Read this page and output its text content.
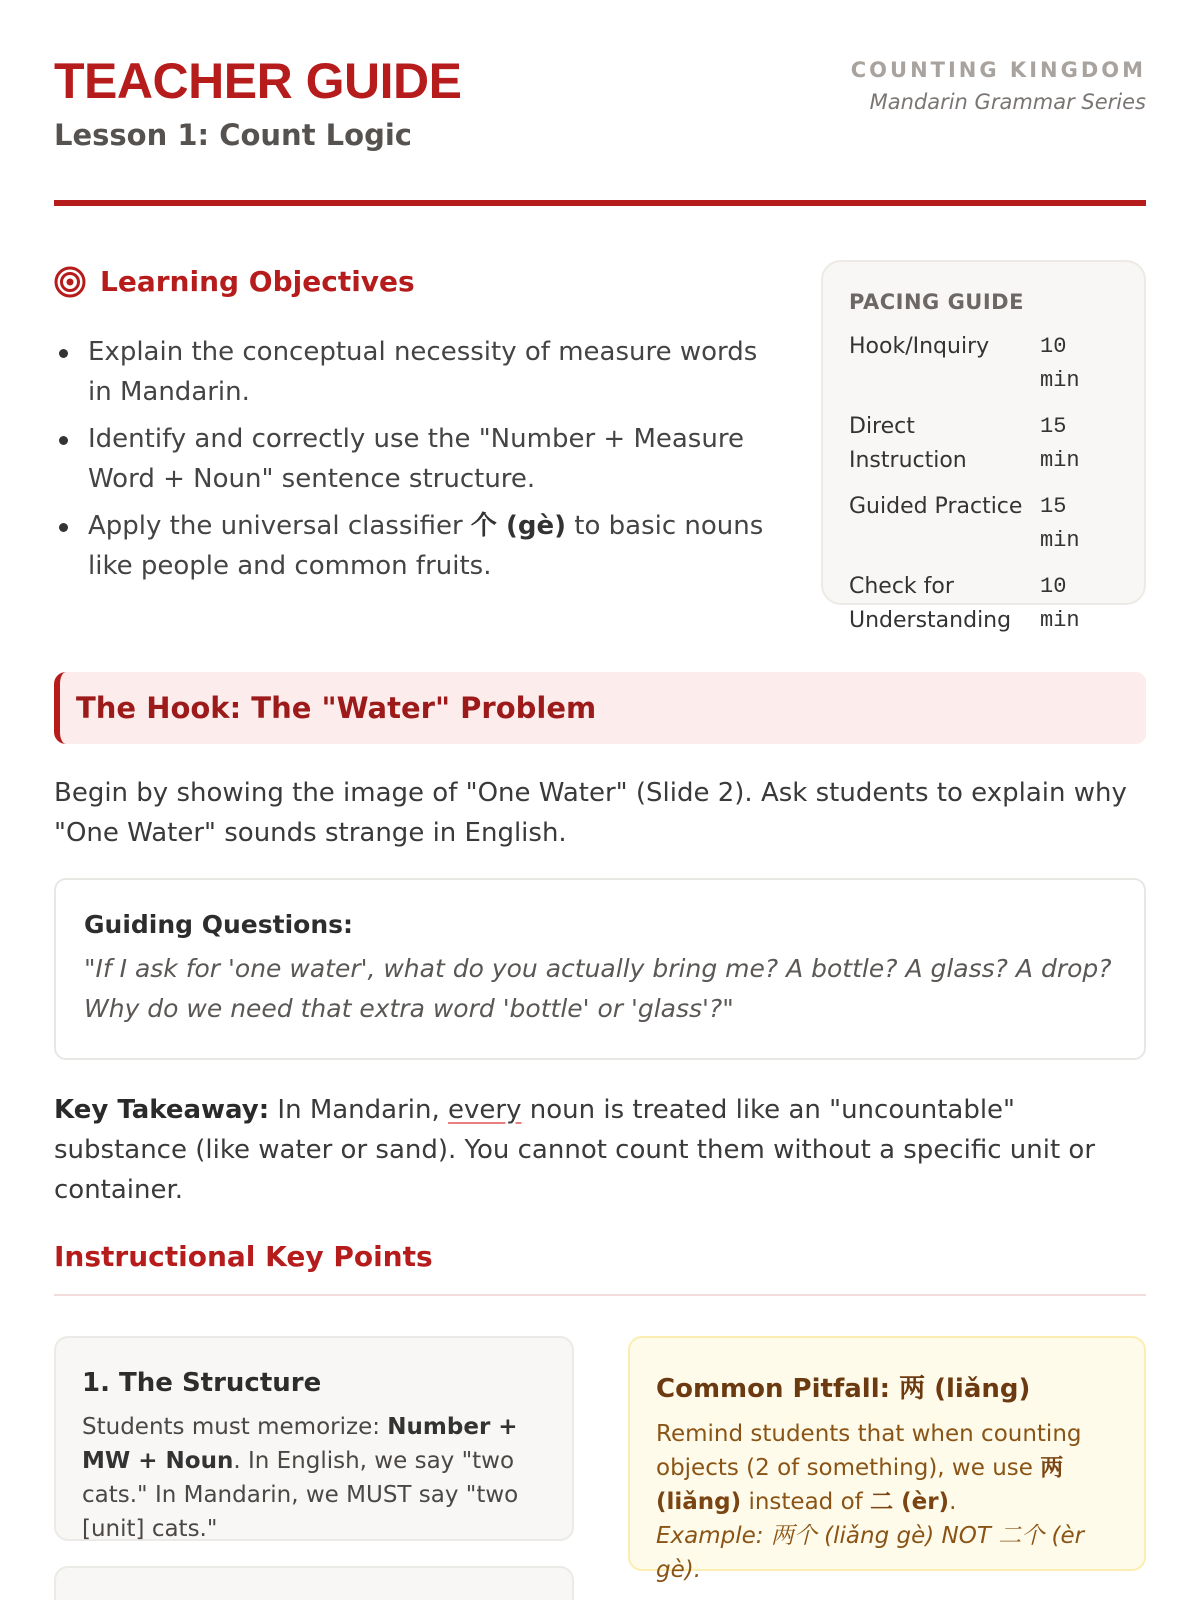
TEACHER GUIDE
Lesson 1: Count Logic
COUNTING KINGDOM
Mandarin Grammar Series
Learning Objectives
Explain the conceptual necessity of measure words in Mandarin.
Identify and correctly use the "Number + Measure Word + Noun" sentence structure.
Apply the universal classifier 个 (gè) to basic nouns like people and common fruits.
PACING GUIDE
Hook/Inquiry	10 min
Direct Instruction	15 min
Guided Practice	15 min
Check for Understanding	10 min
The Hook: The "Water" Problem

Begin by showing the image of "One Water" (Slide 2). Ask students to explain why "One Water" sounds strange in English.

Guiding Questions:
"If I ask for 'one water', what do you actually bring me? A bottle? A glass? A drop? Why do we need that extra word 'bottle' or 'glass'?"

Key Takeaway: In Mandarin, every noun is treated like an "uncountable" substance (like water or sand). You cannot count them without a specific unit or container.

Instructional Key Points
1. The Structure
Students must memorize: Number + MW + Noun. In English, we say "two cats." In Mandarin, we MUST say "two [unit] cats."
Common Pitfall: 两 (liǎng)
Remind students that when counting objects (2 of something), we use 两 (liǎng) instead of 二 (èr).
Example: 两个 (liǎng gè) NOT 二个 (èr gè).
